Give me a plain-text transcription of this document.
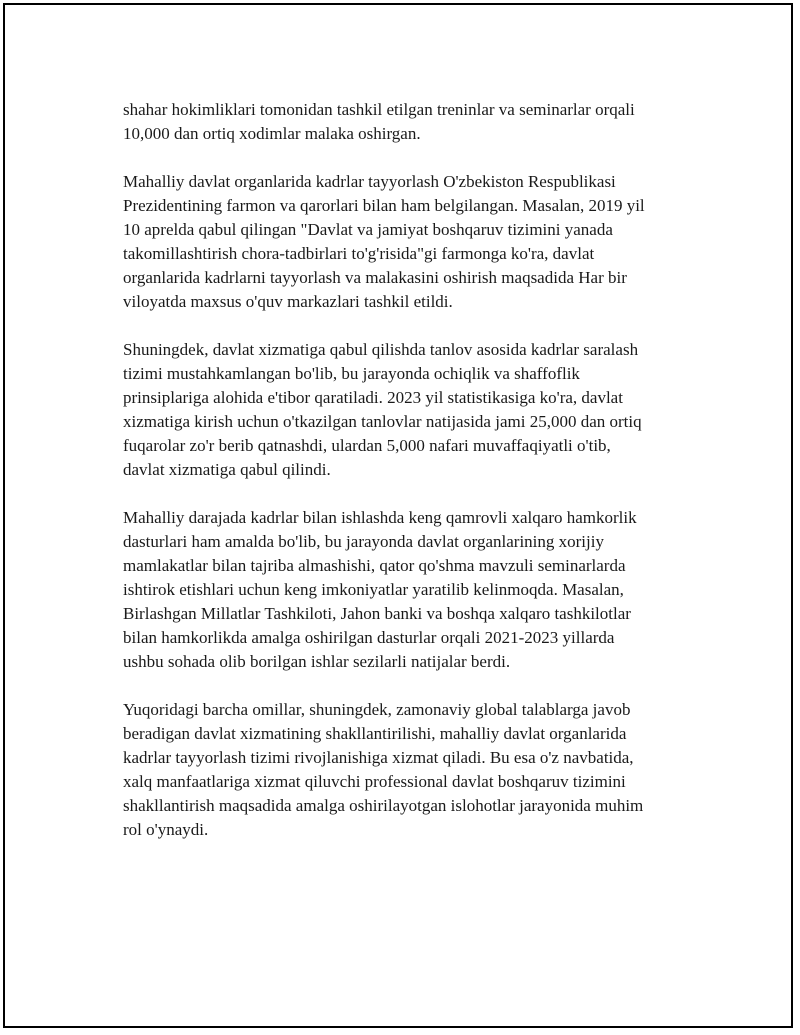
shahar hokimliklari tomonidan tashkil etilgan treninlar va seminarlar orqali
10,000 dan ortiq xodimlar malaka oshirgan.

Mahalliy davlat organlarida kadrlar tayyorlash O'zbekiston Respublikasi
Prezidentining farmon va qarorlari bilan ham belgilangan. Masalan, 2019 yil
10 aprelda qabul qilingan "Davlat va jamiyat boshqaruv tizimini yanada
takomillashtirish chora-tadbirlari to'g'risida"gi farmonga ko'ra, davlat
organlarida kadrlarni tayyorlash va malakasini oshirish maqsadida Har bir
viloyatda maxsus o'quv markazlari tashkil etildi.

Shuningdek, davlat xizmatiga qabul qilishda tanlov asosida kadrlar saralash
tizimi mustahkamlangan bo'lib, bu jarayonda ochiqlik va shaffoflik
prinsiplariga alohida e'tibor qaratiladi. 2023 yil statistikasiga ko'ra, davlat
xizmatiga kirish uchun o'tkazilgan tanlovlar natijasida jami 25,000 dan ortiq
fuqarolar zo'r berib qatnashdi, ulardan 5,000 nafari muvaffaqiyatli o'tib,
davlat xizmatiga qabul qilindi.

Mahalliy darajada kadrlar bilan ishlashda keng qamrovli xalqaro hamkorlik
dasturlari ham amalda bo'lib, bu jarayonda davlat organlarining xorijiy
mamlakatlar bilan tajriba almashishi, qator qo'shma mavzuli seminarlarda
ishtirok etishlari uchun keng imkoniyatlar yaratilib kelinmoqda. Masalan,
Birlashgan Millatlar Tashkiloti, Jahon banki va boshqa xalqaro tashkilotlar
bilan hamkorlikda amalga oshirilgan dasturlar orqali 2021-2023 yillarda
ushbu sohada olib borilgan ishlar sezilarli natijalar berdi.

Yuqoridagi barcha omillar, shuningdek, zamonaviy global talablarga javob
beradigan davlat xizmatining shakllantirilishi, mahalliy davlat organlarida
kadrlar tayyorlash tizimi rivojlanishiga xizmat qiladi. Bu esa o'z navbatida,
xalq manfaatlariga xizmat qiluvchi professional davlat boshqaruv tizimini
shakllantirish maqsadida amalga oshirilayotgan islohotlar jarayonida muhim
rol o'ynaydi.
